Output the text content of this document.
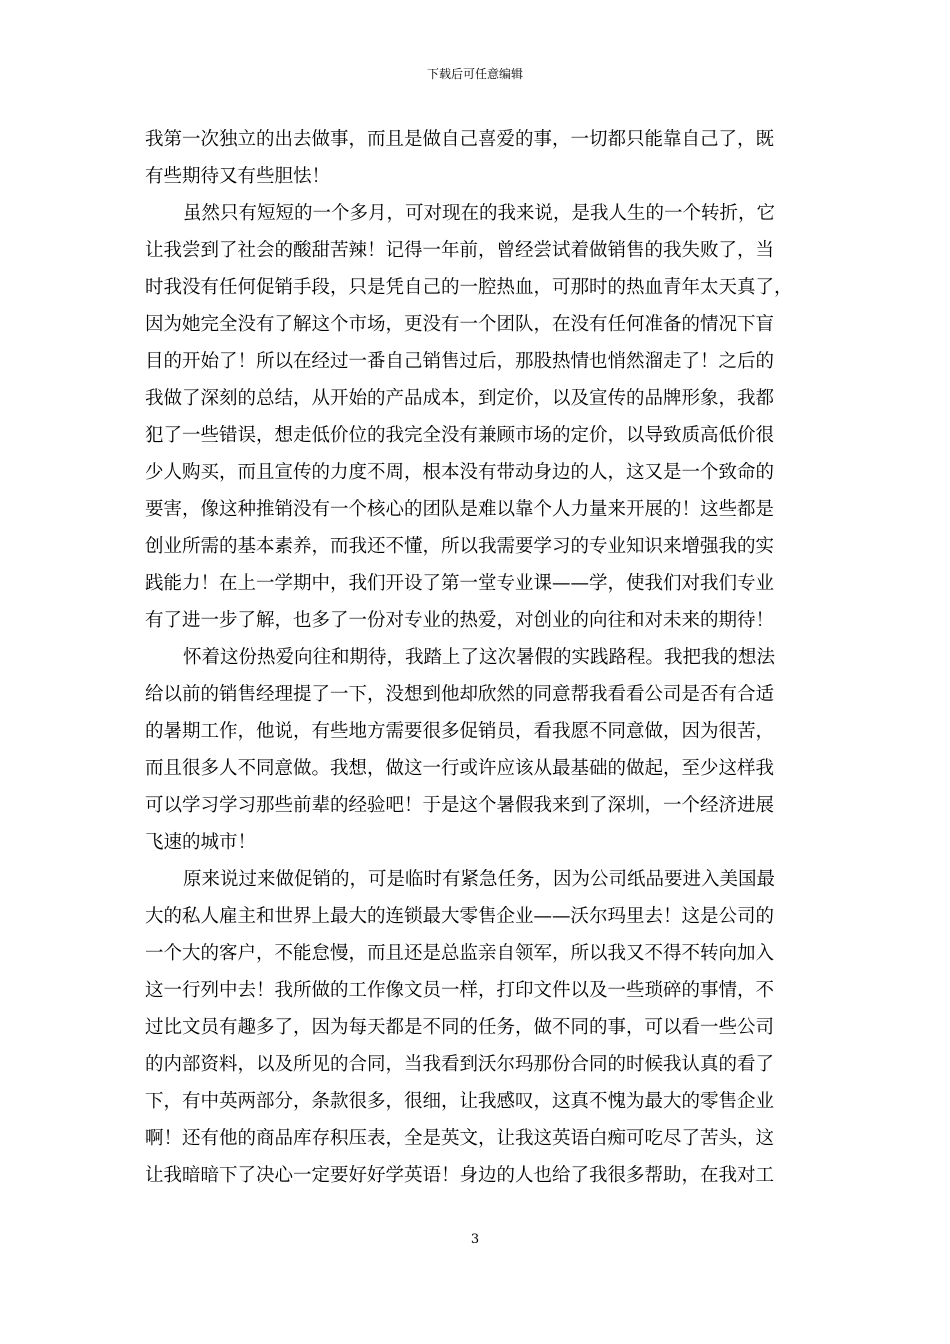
下载后可任意编辑
我第一次独立的出去做事，而且是做自己喜爱的事，一切都只能靠自己了，既
有些期待又有些胆怯！
虽然只有短短的一个多月，可对现在的我来说，是我人生的一个转折，它
让我尝到了社会的酸甜苦辣！记得一年前，曾经尝试着做销售的我失败了，当
时我没有任何促销手段，只是凭自己的一腔热血，可那时的热血青年太天真了，
因为她完全没有了解这个市场，更没有一个团队，在没有任何准备的情况下盲
目的开始了！所以在经过一番自己销售过后，那股热情也悄然溜走了！之后的
我做了深刻的总结，从开始的产品成本，到定价，以及宣传的品牌形象，我都
犯了一些错误，想走低价位的我完全没有兼顾市场的定价，以导致质高低价很
少人购买，而且宣传的力度不周，根本没有带动身边的人，这又是一个致命的
要害，像这种推销没有一个核心的团队是难以靠个人力量来开展的！这些都是
创业所需的基本素养，而我还不懂，所以我需要学习的专业知识来增强我的实
践能力！在上一学期中，我们开设了第一堂专业课——学，使我们对我们专业
有了进一步了解，也多了一份对专业的热爱，对创业的向往和对未来的期待！
怀着这份热爱向往和期待，我踏上了这次暑假的实践路程。我把我的想法
给以前的销售经理提了一下，没想到他却欣然的同意帮我看看公司是否有合适
的暑期工作，他说，有些地方需要很多促销员，看我愿不同意做，因为很苦，
而且很多人不同意做。我想，做这一行或许应该从最基础的做起，至少这样我
可以学习学习那些前辈的经验吧！于是这个暑假我来到了深圳，一个经济进展
飞速的城市！
原来说过来做促销的，可是临时有紧急任务，因为公司纸品要进入美国最
大的私人雇主和世界上最大的连锁最大零售企业——沃尔玛里去！这是公司的
一个大的客户，不能怠慢，而且还是总监亲自领军，所以我又不得不转向加入
这一行列中去！我所做的工作像文员一样，打印文件以及一些琐碎的事情，不
过比文员有趣多了，因为每天都是不同的任务，做不同的事，可以看一些公司
的内部资料，以及所见的合同，当我看到沃尔玛那份合同的时候我认真的看了
下，有中英两部分，条款很多，很细，让我感叹，这真不愧为最大的零售企业
啊！还有他的商品库存积压表，全是英文，让我这英语白痴可吃尽了苦头，这
让我暗暗下了决心一定要好好学英语！身边的人也给了我很多帮助，在我对工
3
